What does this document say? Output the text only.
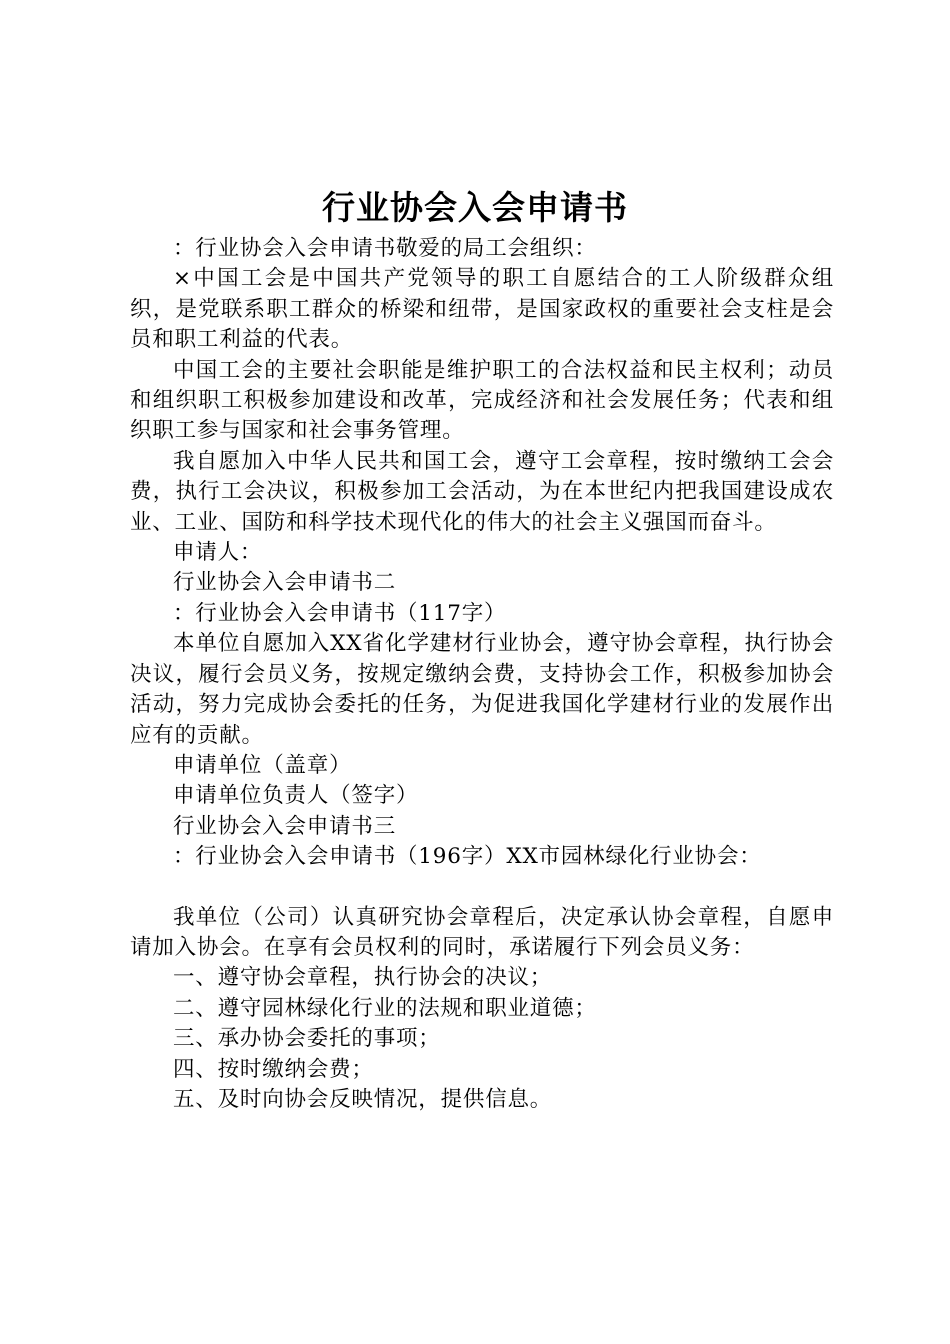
行业协会入会申请书

：行业协会入会申请书敬爱的局工会组织：

×中国工会是中国共产党领导的职工自愿结合的工人阶级群众组织，是党联系职工群众的桥梁和纽带，是国家政权的重要社会支柱是会员和职工利益的代表。

中国工会的主要社会职能是维护职工的合法权益和民主权利；动员和组织职工积极参加建设和改革，完成经济和社会发展任务；代表和组织职工参与国家和社会事务管理。

我自愿加入中华人民共和国工会，遵守工会章程，按时缴纳工会会费，执行工会决议，积极参加工会活动，为在本世纪内把我国建设成农业、工业、国防和科学技术现代化的伟大的社会主义强国而奋斗。

申请人：

行业协会入会申请书二

：行业协会入会申请书（117字）

本单位自愿加入XX省化学建材行业协会，遵守协会章程，执行协会决议，履行会员义务，按规定缴纳会费，支持协会工作，积极参加协会活动，努力完成协会委托的任务，为促进我国化学建材行业的发展作出应有的贡献。

申请单位（盖章）

申请单位负责人（签字）

行业协会入会申请书三

：行业协会入会申请书（196字）XX市园林绿化行业协会：

我单位（公司）认真研究协会章程后，决定承认协会章程，自愿申请加入协会。在享有会员权利的同时，承诺履行下列会员义务：

一、遵守协会章程，执行协会的决议；

二、遵守园林绿化行业的法规和职业道德；

三、承办协会委托的事项；

四、按时缴纳会费；

五、及时向协会反映情况，提供信息。
